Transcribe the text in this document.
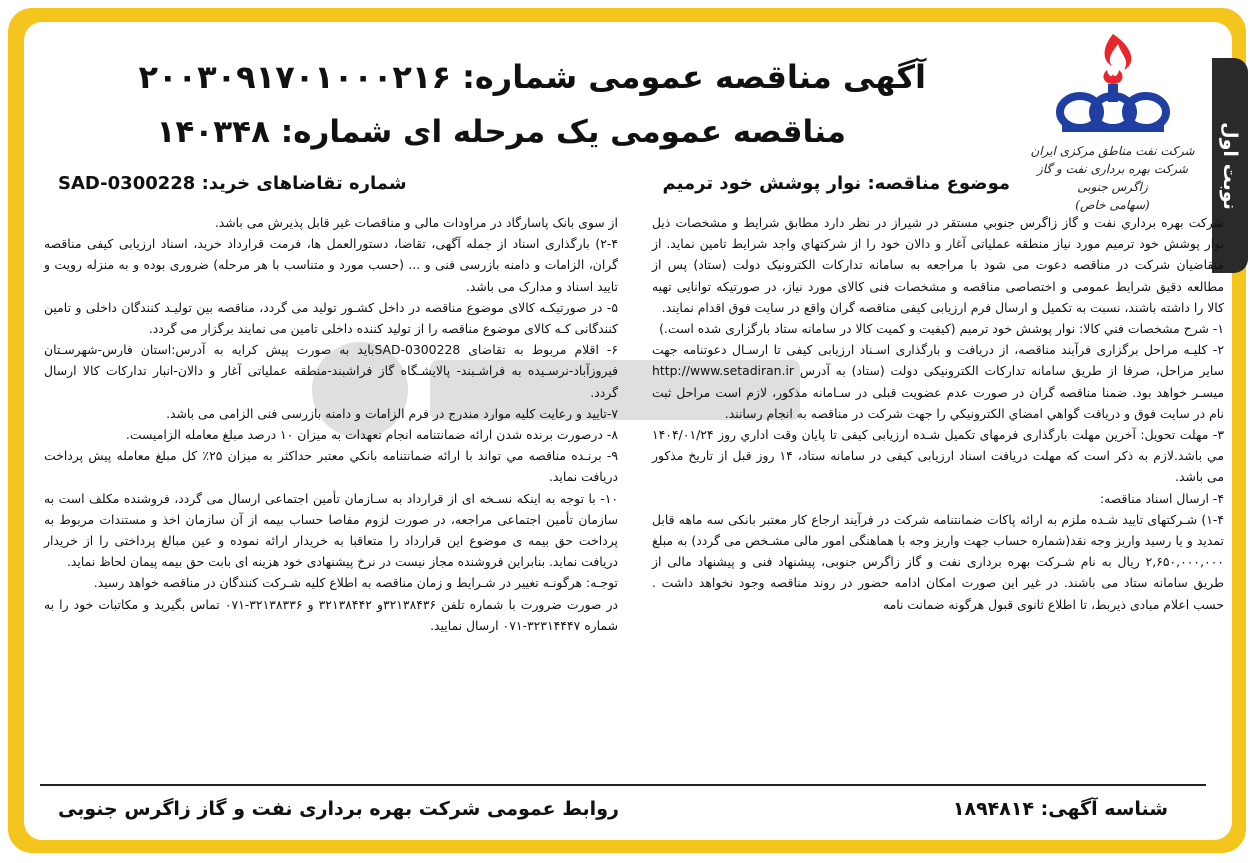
نوبت اول
شرکت نفت مناطق مرکزی ایران
شرکت بهره برداری نفت و گاز زاگرس جنوبی
(سهامی خاص)
آگهی مناقصه عمومی شماره: ۲۰۰۳۰۹۱۷۰۱۰۰۰۲۱۶
مناقصه عمومی یک مرحله ای شماره: ۱۴۰۳۴۸
موضوع مناقصه: نوار پوشش خود ترمیم
شماره تقاضاهای خرید: SAD-0300228

شرکت بهره برداري نفت و گاز زاگرس جنوبي مستقر در شیراز در نظر دارد مطابق شرایط و مشخصات ذیل نوار پوشش خود ترمیم مورد نیاز منطقه عملیاتی آغار و دالان خود را از شرکتهاي واجد شرایط تامین نماید. از متقاضیان شرکت در مناقصه دعوت می شود با مراجعه به سامانه تدارکات الکترونیک دولت (ستاد) پس از مطالعه دقیق شرایط عمومی و اختصاصی مناقصه و مشخصات فنی کالای مورد نیاز، در صورتیکه توانایی تهیه کالا را داشته باشند، نسبت به تکمیل و ارسال فرم ارزیابی کیفی مناقصه گران واقع در سایت فوق اقدام نمایند.

۱- شرح مشخصات فني کالا: نوار پوشش خود ترمیم (کیفیت و کمیت کالا در سامانه ستاد بارگزاری شده است.)

۲- کلیـه مراحل برگزاری فرآیند مناقصه، از دریافت و بارگذاری اسـناد ارزیابی کیفی تا ارسـال دعوتنامه جهت سایر مراحل، صرفا از طریق سامانه تدارکات الکترونیکی دولت (ستاد) به آدرس http://www.setadiran.ir میسـر خواهد بود. ضمنا مناقصه گران در صورت عدم عضویت قبلی در سـامانه مذکور، لازم است مراحل ثبت نام در سایت فوق و دریافت گواهي امضاي الکترونیکي را جهت شرکت در مناقصه به انجام رسانند.

۳- مهلت تحویل: آخرین مهلت بارگذاری فرمهای تکمیل شـده ارزیابی کیفی تا پایان وقت اداري روز ۱۴۰۴/۰۱/۲۴ مي باشد.لازم به ذکر است که مهلت دریافت اسناد ارزیابی کیفی در سامانه ستاد، ۱۴ روز قبل از تاریخ مذکور می باشد.

۴- ارسال اسناد مناقصه:

۱-۴) شـرکتهای تایید شـده ملزم به ارائه پاکات ضمانتنامه شرکت در فرآیند ارجاع کار معتبر بانکی سه ماهه قابل تمدید و یا رسید واریز وجه نقد(شماره حساب جهت واریز وجه با هماهنگی امور مالی مشـخص می گردد) به مبلغ ۲,۶۵۰,۰۰۰,۰۰۰ ریال به نام شـرکت بهره برداری نفت و گاز زاگرس جنوبی، پیشنهاد فنی و پیشنهاد مالی از طریق سامانه ستاد می باشند. در غیر این صورت امکان ادامه حضور در روند مناقصه وجود نخواهد داشت . حسب اعلام مبادی ذیربط، تا اطلاع ثانوی قبول هرگونه ضمانت نامه

از سوی بانک پاسارگاد در مراودات مالی و مناقصات غیر قابل پذیرش می باشد.

۲-۴) بارگذاری اسناد از جمله آگهی، تقاضا، دستورالعمل ها، فرمت قرارداد خرید، اسناد ارزیابی کیفی مناقصه گران، الزامات و دامنه بازرسی فنی و ... (حسب مورد و متناسب با هر مرحله) ضروری بوده و به منزله رویت و تایید اسناد و مدارک می باشد.

۵- در صورتیکـه کالای موضوع مناقصه در داخل کشـور تولید می گردد، مناقصه بین تولیـد کنندگان داخلی و تامین کنندگانی کـه کالای موضوع مناقصه را از تولید کننده داخلی تامین می نمایند برگزار می گردد.

۶- اقلام مربوط به تقاضای SAD-0300228باید به صورت پیش کرایه به آدرس:استان فارس-شهرسـتان فیروزآباد-نرسـیده به فراشـبند- پالایشـگاه گاز فراشبند-منطقه عملیاتی آغار و دالان-انبار تدارکات کالا ارسال گردد.

۷-تایید و رعایت کلیه موارد مندرج در فرم الزامات و دامنه بازرسی فنی الزامی می باشد.

۸- درصورت برنده شدن ارائه ضمانتنامه انجام تعهدات به میزان ۱۰ درصد مبلغ معامله الزامیست.

۹- برنـده مناقصه مي تواند با ارائه ضمانتنامه بانکي معتبر حداکثر به میزان ۲۵٪ کل مبلغ معامله پیش پرداخت دریافت نماید.

۱۰- با توجه به اینکه نسـخه ای از قرارداد به سـازمان تأمین اجتماعی ارسال می گردد، فروشنده مکلف است به سازمان تأمین اجتماعی مراجعه، در صورت لزوم مفاصا حساب بیمه از آن سازمان اخذ و مستندات مربوط به پرداخت حق بیمه ی موضوع این قرارداد را متعاقبا به خریدار ارائه نموده و عین مبالغ پرداختی را از خریدار دریافت نماید. بنابراین فروشنده مجاز نیست در نرخ پیشنهادی خود هزینه ای بابت حق بیمه پیمان لحاظ نماید.

توجـه: هرگونـه تغییر در شـرایط و زمان مناقصه به اطلاع کلیه شـرکت کنندگان در مناقصه خواهد رسید.

در صورت ضرورت با شماره تلفن ۳۲۱۳۸۴۳۶و ۳۲۱۳۸۴۴۲ و ۳۲۱۳۸۳۳۶-۰۷۱ تماس بگیرید و مکاتبات خود را به شماره ۳۲۳۱۴۴۴۷-۰۷۱ ارسال نمایید.

شناسه آگهی: ۱۸۹۴۸۱۴
روابط عمومی شرکت بهره برداری نفت و گاز زاگرس جنوبی
